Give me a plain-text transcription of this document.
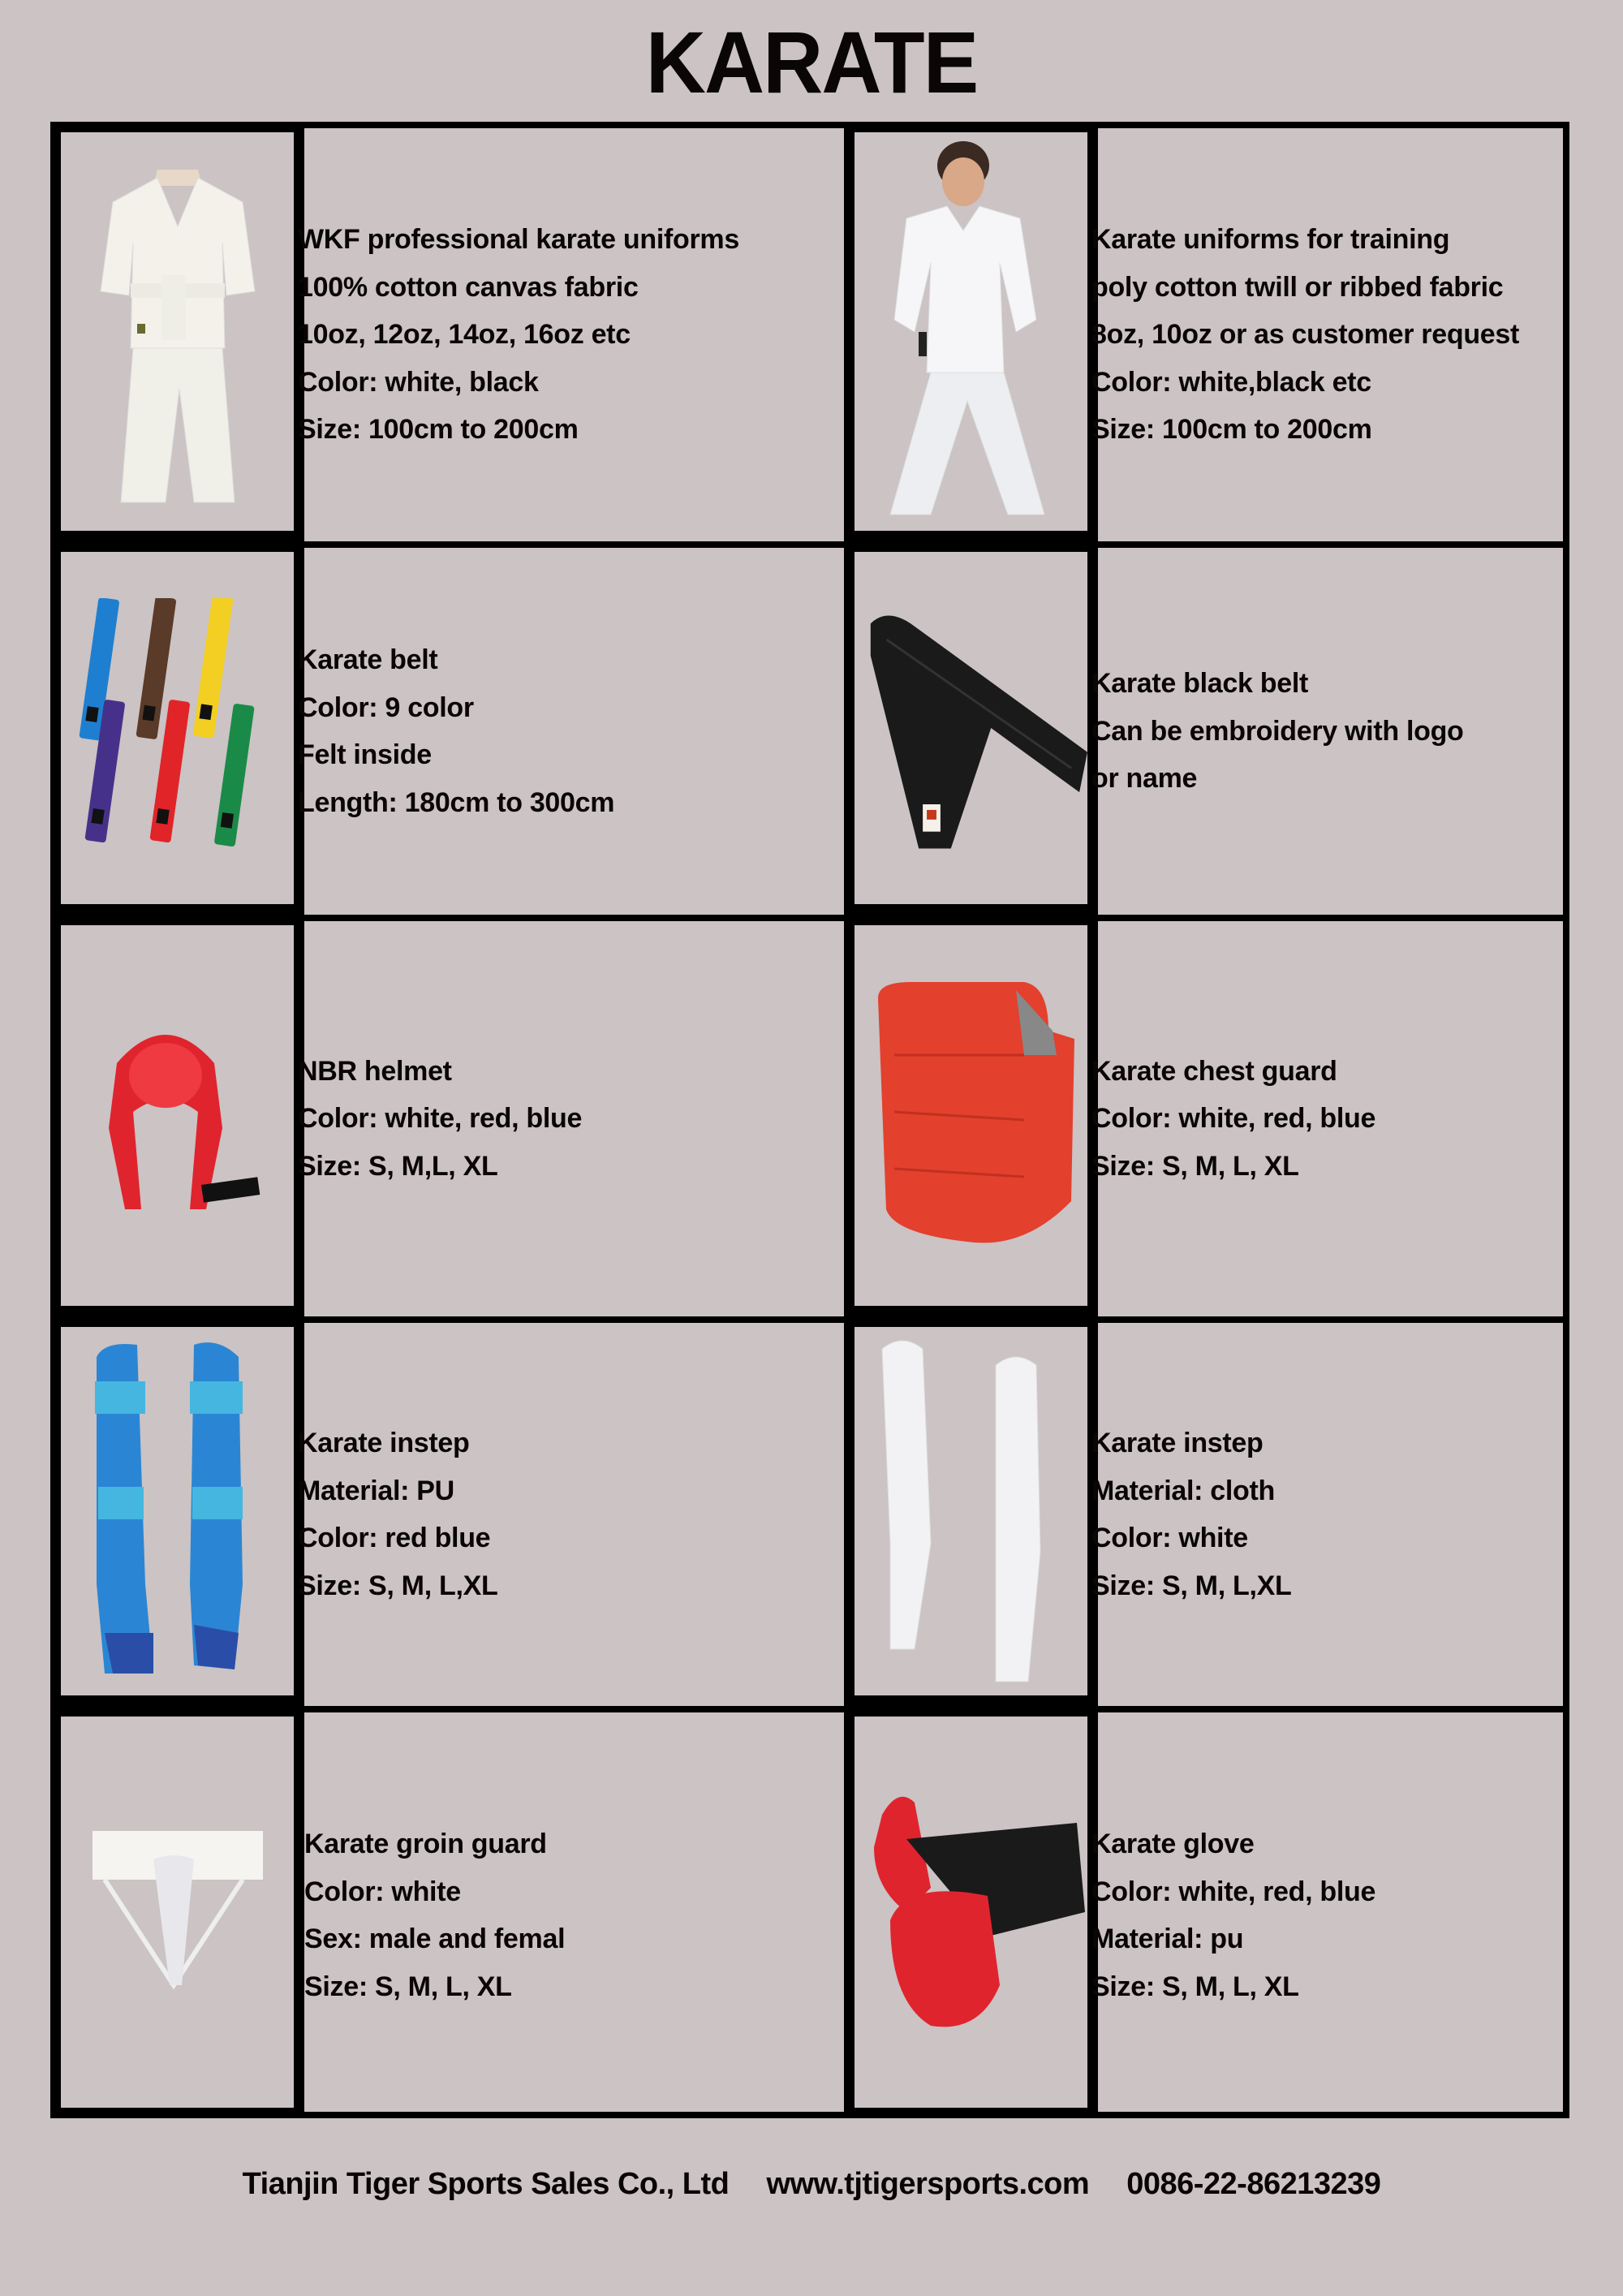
KARATE
WKF professional karate uniforms
100% cotton canvas fabric
10oz, 12oz, 14oz, 16oz etc
Color: white, black
Size: 100cm to 200cm
Karate uniforms for training
poly cotton twill or ribbed fabric
8oz, 10oz or as customer request
Color: white,black etc
Size: 100cm to 200cm
Karate belt
Color: 9 color
Felt inside
Length: 180cm to 300cm
Karate black belt
Can be embroidery with logo
or name
NBR helmet
Color: white, red, blue
Size: S, M,L, XL
Karate chest guard
Color: white, red, blue
Size: S, M, L, XL
Karate instep
Material: PU
Color: red blue
Size: S, M, L,XL
Karate instep
Material: cloth
Color: white
Size: S, M, L,XL
Karate groin guard
Color: white
Sex: male and femal
Size: S, M, L, XL
Karate glove
Color: white, red, blue
Material: pu
Size: S, M, L, XL
Tianjin Tiger Sports Sales Co., Ltd www.tjtigersports.com 0086-22-86213239
